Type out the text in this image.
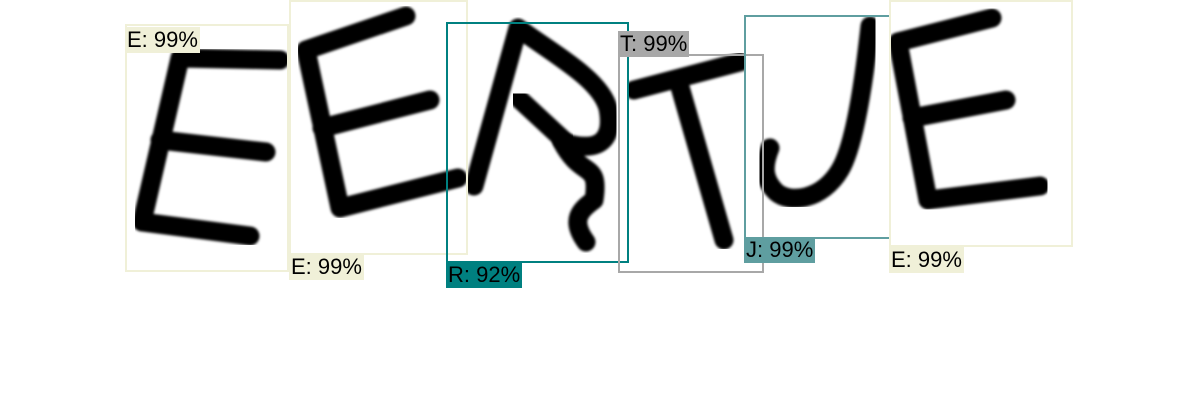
E: 99%
E: 99%	R: 92%
T: 99%
J: 99%	E: 99%
